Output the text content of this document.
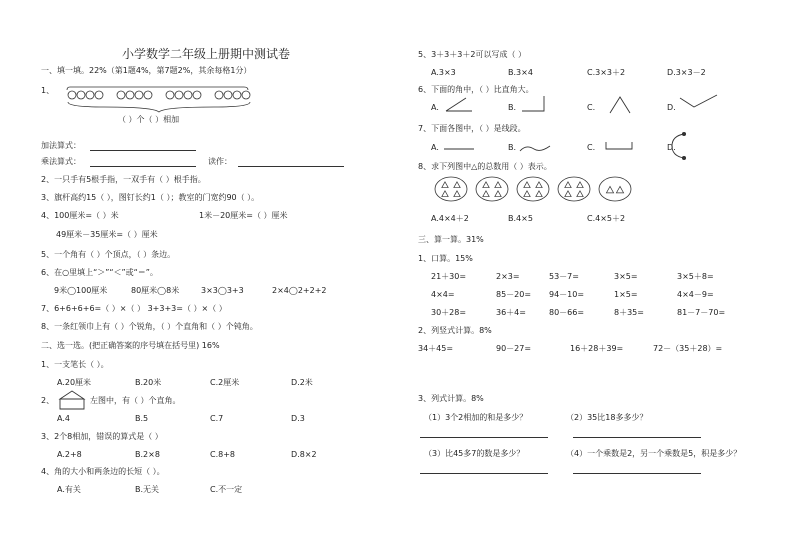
小学数学二年级上册期中测试卷
一、填一填。22%（第1题4%，第7题2%，其余每格1分）
1、
（ ）个（ ）相加
加法算式：
乘法算式：	读作：
2、一只手有5根手指，一双手有（ ）根手指。
3、旗杆高约15（ ），图钉长约1（ ）；教室的门宽约90（ ）。
4、100厘米=（ ）米	1米－20厘米=（ ）厘米
49厘米－35厘米=（ ）厘米
5、一个角有（ ）个顶点，（ ）条边。
6、在○里填上“＞”“＜”或“＝”。
9米◯100厘米	80厘米◯8米	3×3◯3+3	2×4◯2+2+2
7、6+6+6+6=（ ）×（ ） 3+3+3=（ ）×（ ）
8、一条红领巾上有（ ）个锐角，（ ）个直角和（ ）个钝角。
二、选一选。(把正确答案的序号填在括号里) 16%
1、一支笔长（ ）。
A.20厘米	B.20米	C.2厘米	D.2米
2、	左图中，有（ ）个直角。
A.4	B.5	C.7	D.3
3、2个8相加，错误的算式是（ ）
A.2+8	B.2×8	C.8+8	D.8×2
4、角的大小和两条边的长短（ ）。
A.有关	B.无关	C.不一定
5、3＋3＋3＋2可以写成（ ）
A.3×3	B.3×4	C.3×3＋2	D.3×3－2
6、下面的角中，（ ）比直角大。
A.	B.	C.	D.
7、下面各图中，（ ）是线段。
A.	B.	C.	D.
8、求下列图中△的总数用（ ）表示。
A.4×4＋2	B.4×5	C.4×5＋2
三、算一算。31%
1、口算。15%
21＋30=	2×3=	53－7=	3×5=	3×5＋8=
4×4=	85－20= 94－10=	1×5=	4×4－9=
30＋28=	36＋4=	80－66=	8＋35=	81－7－70=
2、列竖式计算。8%
34＋45=	90－27=	16＋28＋39=	72－（35＋28）=
3、列式计算。8%
（1）3个2相加的和是多少？	（2）35比18多多少？
（3）比45多7的数是多少？	（4）一个乘数是2，另一个乘数是5，积是多少？
